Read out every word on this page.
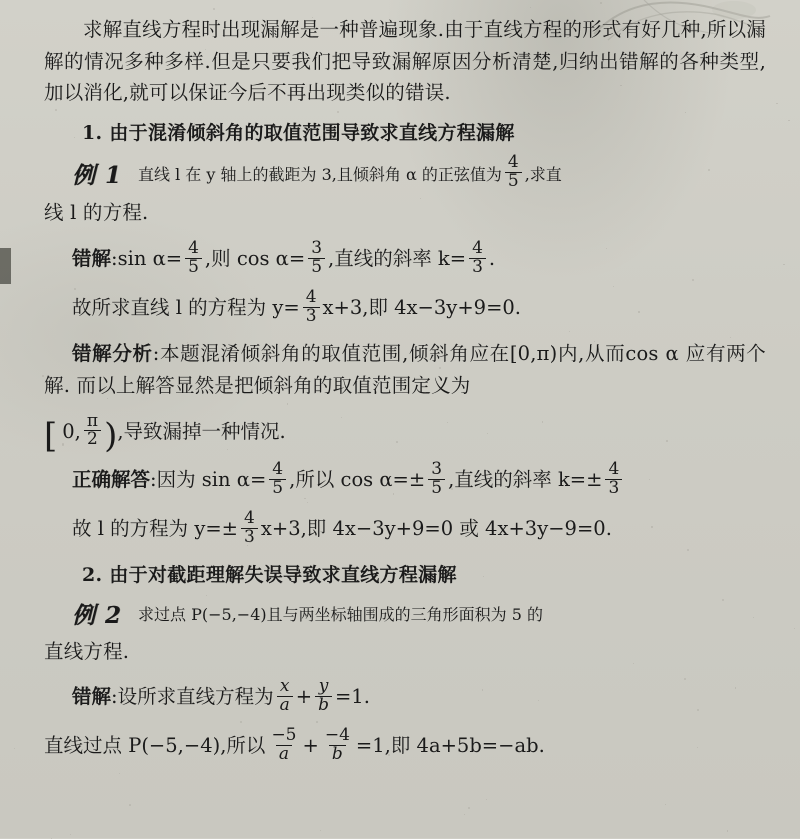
求解直线方程时出现漏解是一种普遍现象.由于直线方程的形式有好几种,所以漏解的情况多种多样.但是只要我们把导致漏解原因分析清楚,归纳出错解的各种类型,加以消化,就可以保证今后不再出现类似的错误.

1. 由于混淆倾斜角的取值范围导致求直线方程漏解

例 1 直线 l 在 y 轴上的截距为 3,且倾斜角 α 的正弦值为 $\frac{4}{5}$ ,求直

线 l 的方程.

错解 :sin $\alpha= \frac{4}{5}$ ,则 $\cos \alpha= \frac{3}{5}$ ,直线的斜率 $k= \frac{4}{3}$ .
故所求直线 l 的方程为 $y= \frac{4}{3} x+3$,即 4x−3y+9=0.

错解分析:本题混淆倾斜角的取值范围,倾斜角应在[0,π)内,从而cos α 应有两个解. 而以上解答显然是把倾斜角的取值范围定义为

[ 0, $\frac{\pi}{2}$ ) ,导致漏掉一种情况.
正确解答 :因为 $\sin \alpha= \frac{4}{5}$ ,所以 $\cos \alpha=\pm \frac{3}{5}$ ,直线的斜率 $k=\pm \frac{4}{3}$
故 l 的方程为 $y=\pm \frac{4}{3} x+3$,即 4x−3y+9=0 或 4x+3y−9=0.

2. 由于对截距理解失误导致求直线方程漏解

例 2 求过点 P(−5,−4)且与两坐标轴围成的三角形面积为 5 的

直线方程.

错解 :设所求直线方程为 $\frac{x}{a} + \frac{y}{b} =1$.
直线过点 P(−5,−4),所以 $\frac{-5}{a} + \frac{-4}{b} =1$,即 4a+5b=−ab.
